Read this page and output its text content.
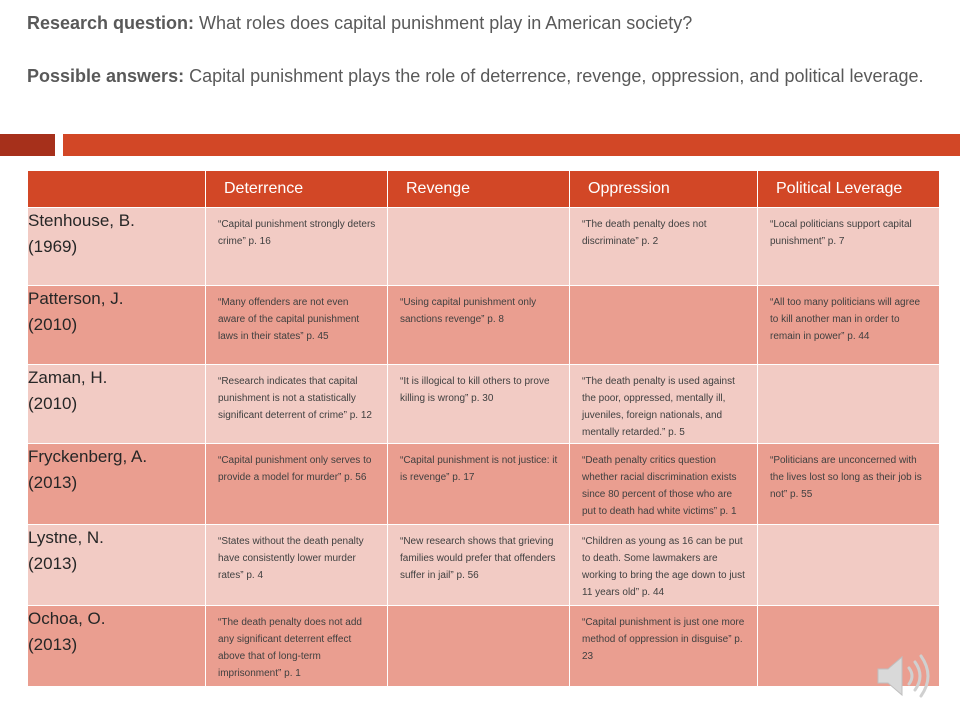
Research question: What roles does capital punishment play in American society?

Possible answers: Capital punishment plays the role of deterrence, revenge, oppression, and political leverage.

	Deterrence	Revenge	Oppression	Political Leverage

Stenhouse, B.
(1969)	“Capital punishment strongly deters crime” p. 16		“The death penalty does not discriminate” p. 2	“Local politicians support capital punishment” p. 7

Patterson, J.
(2010)	“Many offenders are not even aware of the capital punishment laws in their states” p. 45	“Using capital punishment only sanctions revenge” p. 8		“All too many politicians will agree to kill another man in order to remain in power” p. 44

Zaman, H.
(2010)	“Research indicates that capital punishment is not a statistically significant deterrent of crime” p. 12	“It is illogical to kill others to prove killing is wrong” p. 30	“The death penalty is used against the poor, oppressed, mentally ill, juveniles, foreign nationals, and mentally retarded.” p. 5	

Fryckenberg, A.
(2013)	“Capital punishment only serves to provide a model for murder” p. 56	“Capital punishment is not justice: it is revenge” p. 17	“Death penalty critics question whether racial discrimination exists since 80 percent of those who are put to death had white victims” p. 1	“Politicians are unconcerned with the lives lost so long as their job is not” p. 55

Lystne, N.
(2013)	“States without the death penalty have consistently lower murder rates” p. 4	“New research shows that grieving families would prefer that offenders suffer in jail” p. 56	“Children as young as 16 can be put to death. Some lawmakers are working to bring the age down to just 11 years old” p. 44	

Ochoa, O.
(2013)	“The death penalty does not add any significant deterrent effect above that of long-term imprisonment” p. 1		“Capital punishment is just one more method of oppression in disguise” p. 23	
